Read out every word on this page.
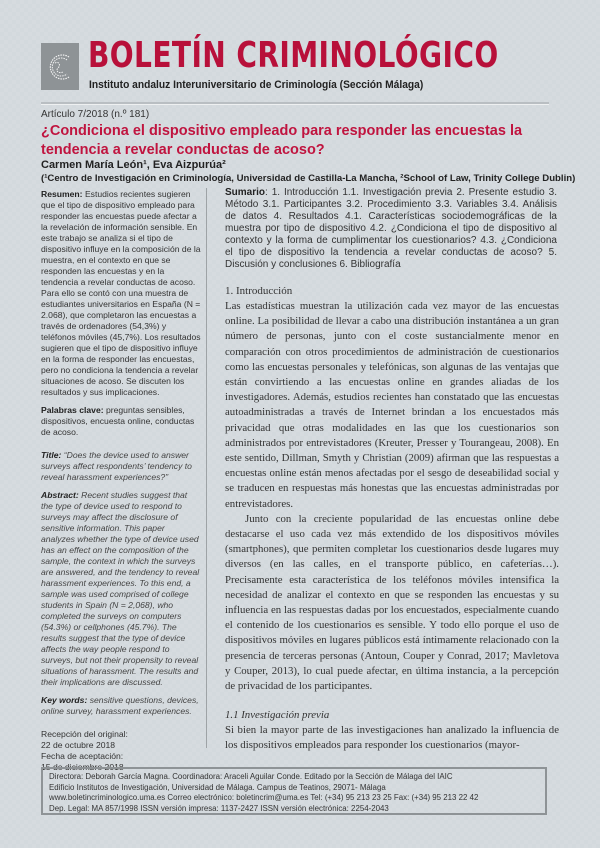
BOLETÍN CRIMINOLÓGICO
Instituto andaluz Interuniversitario de Criminología (Sección Málaga)
Artículo 7/2018 (n.º 181)
¿Condiciona el dispositivo empleado para responder las encuestas la tendencia a revelar conductas de acoso?
Carmen María León¹, Eva Aizpurúa²
(¹Centro de Investigación en Criminología, Universidad de Castilla-La Mancha, ²School of Law, Trinity College Dublin)

Resumen: Estudios recientes sugieren que el tipo de dispositivo empleado para responder las encuestas puede afectar a la revelación de información sensible. En este trabajo se analiza si el tipo de dispositivo influye en la composición de la muestra, en el contexto en que se responden las encuestas y en la tendencia a revelar conductas de acoso. Para ello se contó con una muestra de estudiantes universitarios en España (N = 2.068), que completaron las encuestas a través de ordenadores (54,3%) y teléfonos móviles (45,7%). Los resultados sugieren que el tipo de dispositivo influye en la forma de responder las encuestas, pero no condiciona la tendencia a revelar situaciones de acoso. Se discuten los resultados y sus implicaciones.

Palabras clave: preguntas sensibles, dispositivos, encuesta online, conductas de acoso.

Title: “Does the device used to answer surveys affect respondents’ tendency to reveal harassment experiences?”

Abstract: Recent studies suggest that the type of device used to respond to surveys may affect the disclosure of sensitive information. This paper analyzes whether the type of device used has an effect on the composition of the sample, the context in which the surveys are answered, and the tendency to reveal harassment experiences. To this end, a sample was used comprised of college students in Spain (N = 2,068), who completed the surveys on computers (54.3%) or cellphones (45.7%). The results suggest that the type of device affects the way people respond to surveys, but not their propensity to reveal situations of harassment. The results and their implications are discussed.

Key words: sensitive questions, devices, online survey, harassment experiences.

Recepción del original:
22 de octubre 2018
Fecha de aceptación:
15 de diciembre 2018

Sumario: 1. Introducción 1.1. Investigación previa 2. Presente estudio 3. Método 3.1. Participantes 3.2. Procedimiento 3.3. Variables 3.4. Análisis de datos 4. Resultados 4.1. Características sociodemográficas de la muestra por tipo de dispositivo 4.2. ¿Condiciona el tipo de dispositivo al contexto y la forma de cumplimentar los cuestionarios? 4.3. ¿Condiciona el tipo de dispositivo la tendencia a revelar conductas de acoso? 5. Discusión y conclusiones 6. Bibliografía
1. Introducción

Las estadísticas muestran la utilización cada vez mayor de las encuestas online. La posibilidad de llevar a cabo una distribución instantánea a un gran número de personas, junto con el coste sustancialmente menor en comparación con otros procedimientos de administración de cuestionarios como las encuestas personales y telefónicas, son algunas de las ventajas que están convirtiendo a las encuestas online en grandes aliadas de los investigadores. Además, estudios recientes han constatado que las encuestas autoadministradas a través de Internet brindan a los encuestados más privacidad que otras modalidades en las que los cuestionarios son administrados por entrevistadores (Kreuter, Presser y Tourangeau, 2008). En este sentido, Dillman, Smyth y Christian (2009) afirman que las respuestas a encuestas online están menos afectadas por el sesgo de deseabilidad social y se traducen en respuestas más honestas que las encuestas administradas por entrevistadores.

Junto con la creciente popularidad de las encuestas online debe destacarse el uso cada vez más extendido de los dispositivos móviles (smartphones), que permiten completar los cuestionarios desde lugares muy diversos (en las calles, en el transporte público, en cafeterías…). Precisamente esta característica de los teléfonos móviles intensifica la necesidad de analizar el contexto en que se responden las encuestas y su influencia en las respuestas dadas por los encuestados, especialmente cuando el contenido de los cuestionarios es sensible. Y todo ello porque el uso de dispositivos móviles en lugares públicos está íntimamente relacionado con la presencia de terceras personas (Antoun, Couper y Conrad, 2017; Mavletova y Couper, 2013), lo cual puede afectar, en última instancia, a la percepción de privacidad de los participantes.

1.1 Investigación previa

Si bien la mayor parte de las investigaciones han analizado la influencia de los dispositivos empleados para responder los cuestionarios (mayor-

Directora: Deborah García Magna. Coordinadora: Araceli Aguilar Conde. Editado por la Sección de Málaga del IAIC
Edificio Institutos de Investigación, Universidad de Málaga. Campus de Teatinos, 29071- Málaga
www.boletincriminologico.uma.es Correo electrónico: boletincrim@uma.es Tel: (+34) 95 213 23 25 Fax: (+34) 95 213 22 42
Dep. Legal: MA 857/1998 ISSN versión impresa: 1137-2427 ISSN versión electrónica: 2254-2043
